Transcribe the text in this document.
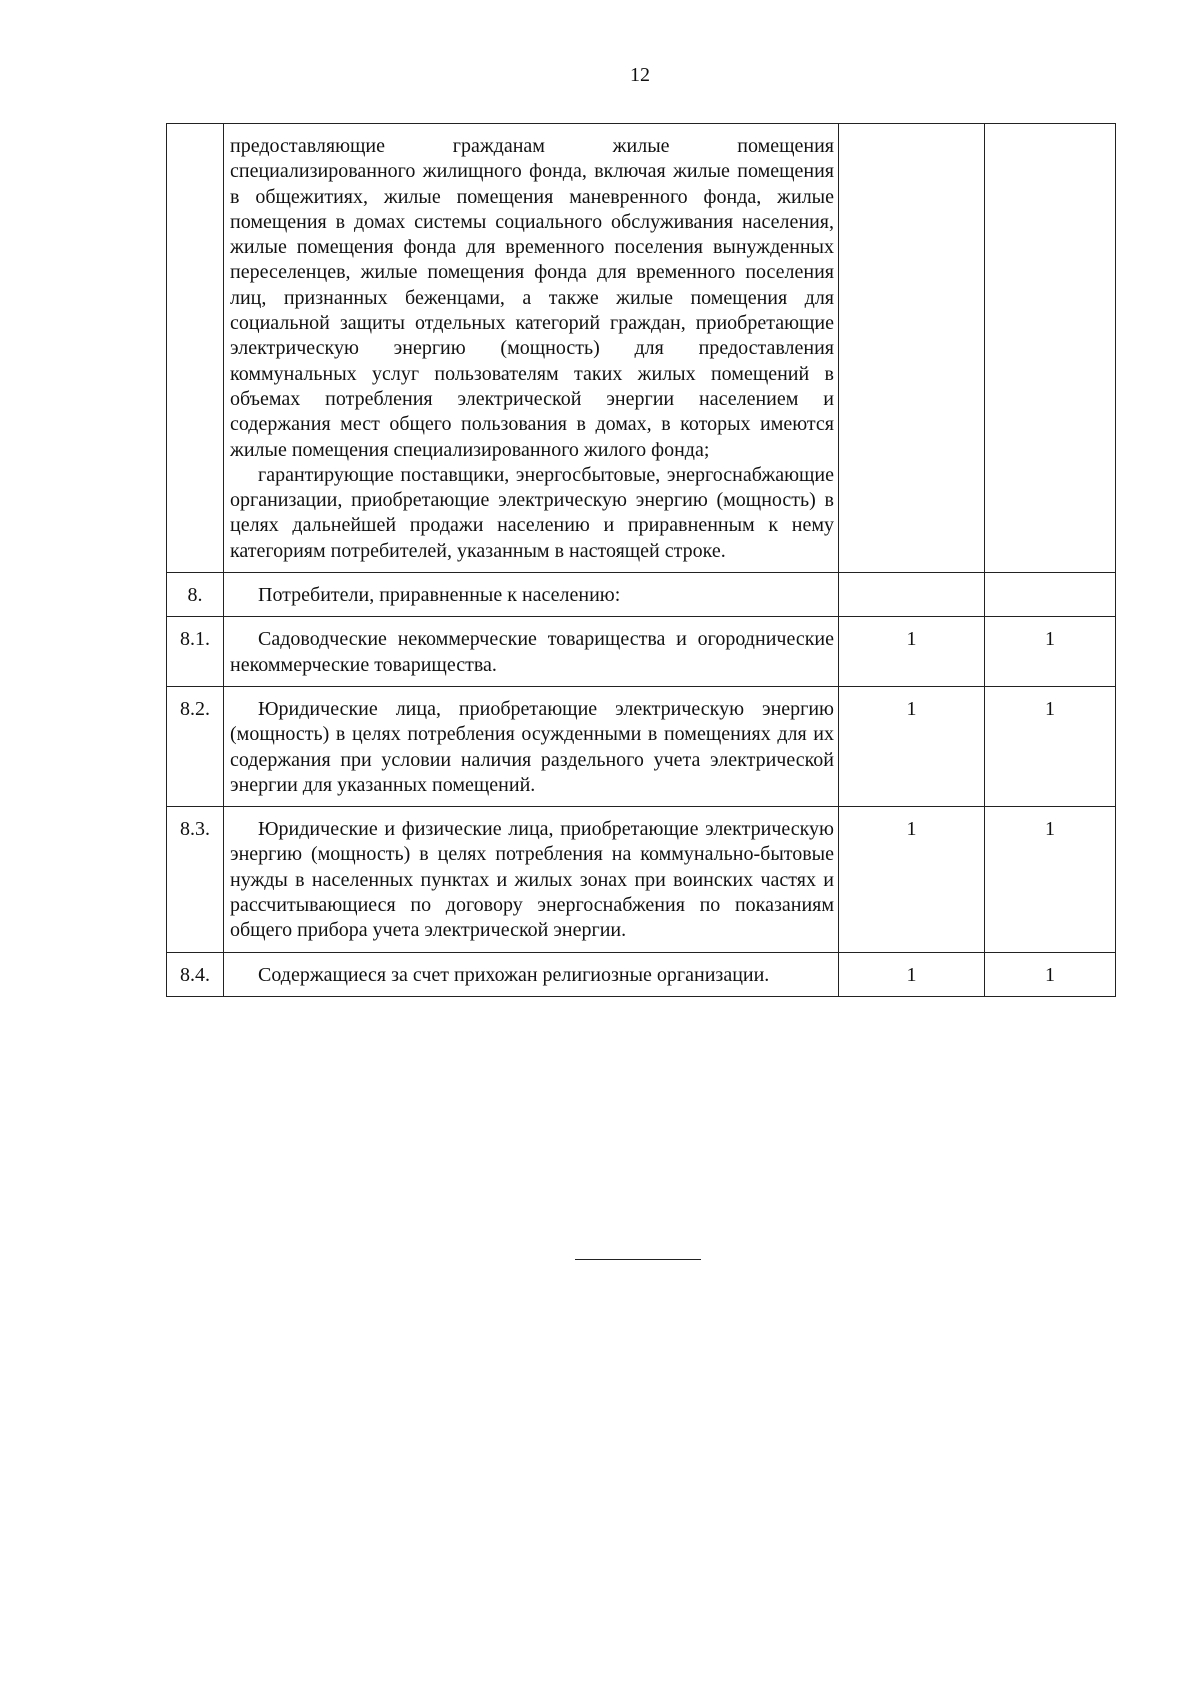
12

	предоставляющие гражданам жилые помещения специализированного жилищного фонда, включая жилые помещения в общежитиях, жилые помещения маневренного фонда, жилые помещения в домах системы социального обслуживания населения, жилые помещения фонда для временного поселения вынужденных переселенцев, жилые помещения фонда для временного поселения лиц, признанных беженцами, а также жилые помещения для социальной защиты отдельных категорий граждан, приобретающие электрическую энергию (мощность) для предоставления коммунальных услуг пользователям таких жилых помещений в объемах потребления электрической энергии населением и содержания мест общего пользования в домах, в которых имеются жилые помещения специализированного жилого фонда;

гарантирующие поставщики, энергосбытовые, энергоснабжающие организации, приобретающие электрическую энергию (мощность) в целях дальнейшей продажи населению и приравненным к нему категориям потребителей, указанным в настоящей строке.		

8.	Потребители, приравненные к населению:		

8.1.	Садоводческие некоммерческие товарищества и огороднические некоммерческие товарищества.	1	1
8.2.	Юридические лица, приобретающие электрическую энергию (мощность) в целях потребления осужденными в помещениях для их содержания при условии наличия раздельного учета электрической энергии для указанных помещений.	1	1
8.3.	Юридические и физические лица, приобретающие электрическую энергию (мощность) в целях потребления на коммунально-бытовые нужды в населенных пунктах и жилых зонах при воинских частях и рассчитывающиеся по договору энергоснабжения по показаниям общего прибора учета электрической энергии.	1	1
8.4.	Содержащиеся за счет прихожан религиозные организации.	1	1
